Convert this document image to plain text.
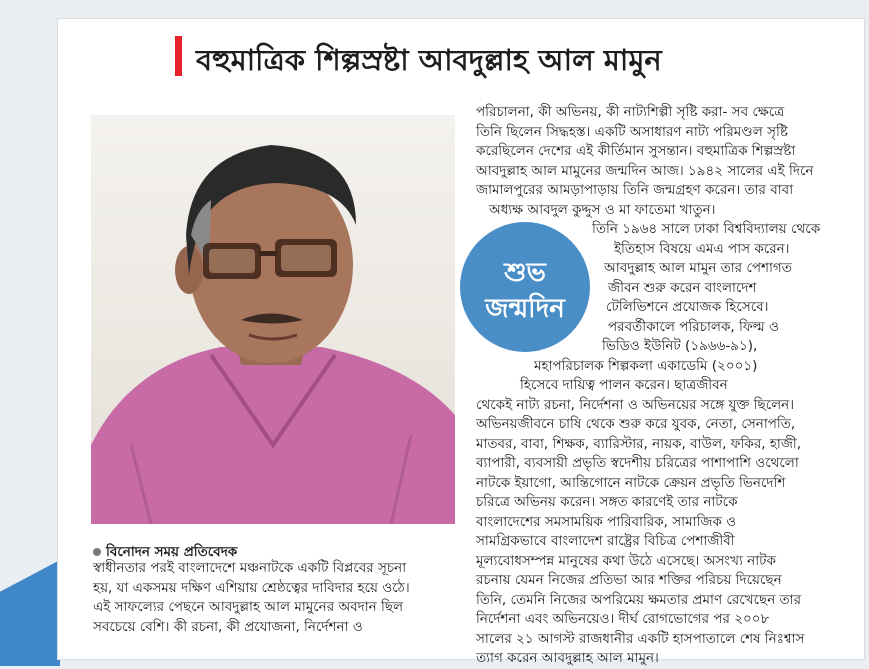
বহুমাত্রিক শিল্পস্রষ্টা আবদুল্লাহ আল মামুন
শুভ
জন্মদিন
বিনোদন সময় প্রতিবেদক
স্বাধীনতার পরই বাংলাদেশে মঞ্চনাটকে একটি বিপ্লবের সূচনা
হয়, যা একসময় দক্ষিণ এশিয়ায় শ্রেষ্ঠত্বের দাবিদার হয়ে ওঠে।
এই সাফল্যের পেছনে আবদুল্লাহ আল মামুনের অবদান ছিল
সবচেয়ে বেশি। কী রচনা, কী প্রযোজনা, নির্দেশনা ও
পরিচালনা, কী অভিনয়, কী নাট্যশিল্পী সৃষ্টি করা- সব ক্ষেত্রে
তিনি ছিলেন সিদ্ধহস্ত। একটি অসাধারণ নাট্য পরিমণ্ডল সৃষ্টি
করেছিলেন দেশের এই কীর্তিমান সুসন্তান। বহুমাত্রিক শিল্পস্রষ্টা
আবদুল্লাহ আল মামুনের জন্মদিন আজ। ১৯৪২ সালের এই দিনে
জামালপুরের আমড়াপাড়ায় তিনি জন্মগ্রহণ করেন। তার বাবা
অধ্যক্ষ আবদুল কুদ্দুস ও মা ফাতেমা খাতুন।
তিনি ১৯৬৪ সালে ঢাকা বিশ্ববিদ্যালয় থেকে
ইতিহাস বিষয়ে এমএ পাস করেন।
আবদুল্লাহ আল মামুন তার পেশাগত
জীবন শুরু করেন বাংলাদেশ
টেলিভিশনে প্রযোজক হিসেবে।
পরবর্তীকালে পরিচালক, ফিল্ম ও
ভিডিও ইউনিট (১৯৬৬-৯১),
মহাপরিচালক শিল্পকলা একাডেমি (২০০১)
হিসেবে দায়িত্ব পালন করেন। ছাত্রজীবন
থেকেই নাট্য রচনা, নির্দেশনা ও অভিনয়ের সঙ্গে যুক্ত ছিলেন।
অভিনয়জীবনে চাষি থেকে শুরু করে যুবক, নেতা, সেনাপতি,
মাতবর, বাবা, শিক্ষক, ব্যারিস্টার, নায়ক, বাউল, ফকির, হাজী,
ব্যাপারী, ব্যবসায়ী প্রভৃতি স্বদেশীয় চরিত্রের পাশাপাশি ওথেলো
নাটকে ইয়াগো, আন্তিগোনে নাটকে ক্রেয়ন প্রভৃতি ভিনদেশি
চরিত্রে অভিনয় করেন। সঙ্গত কারণেই তার নাটকে
বাংলাদেশের সমসাময়িক পারিবারিক, সামাজিক ও
সামগ্রিকভাবে বাংলাদেশ রাষ্ট্রের বিচিত্র পেশাজীবী
মূল্যবোধসম্পন্ন মানুষের কথা উঠে এসেছে। অসংখ্য নাটক
রচনায় যেমন নিজের প্রতিভা আর শক্তির পরিচয় দিয়েছেন
তিনি, তেমনি নিজের অপরিমেয় ক্ষমতার প্রমাণ রেখেছেন তার
নির্দেশনা এবং অভিনয়েও। দীর্ঘ রোগভোগের পর ২০০৮
সালের ২১ আগস্ট রাজধানীর একটি হাসপাতালে শেষ নিঃশ্বাস
ত্যাগ করেন আবদুল্লাহ আল মামুন।
